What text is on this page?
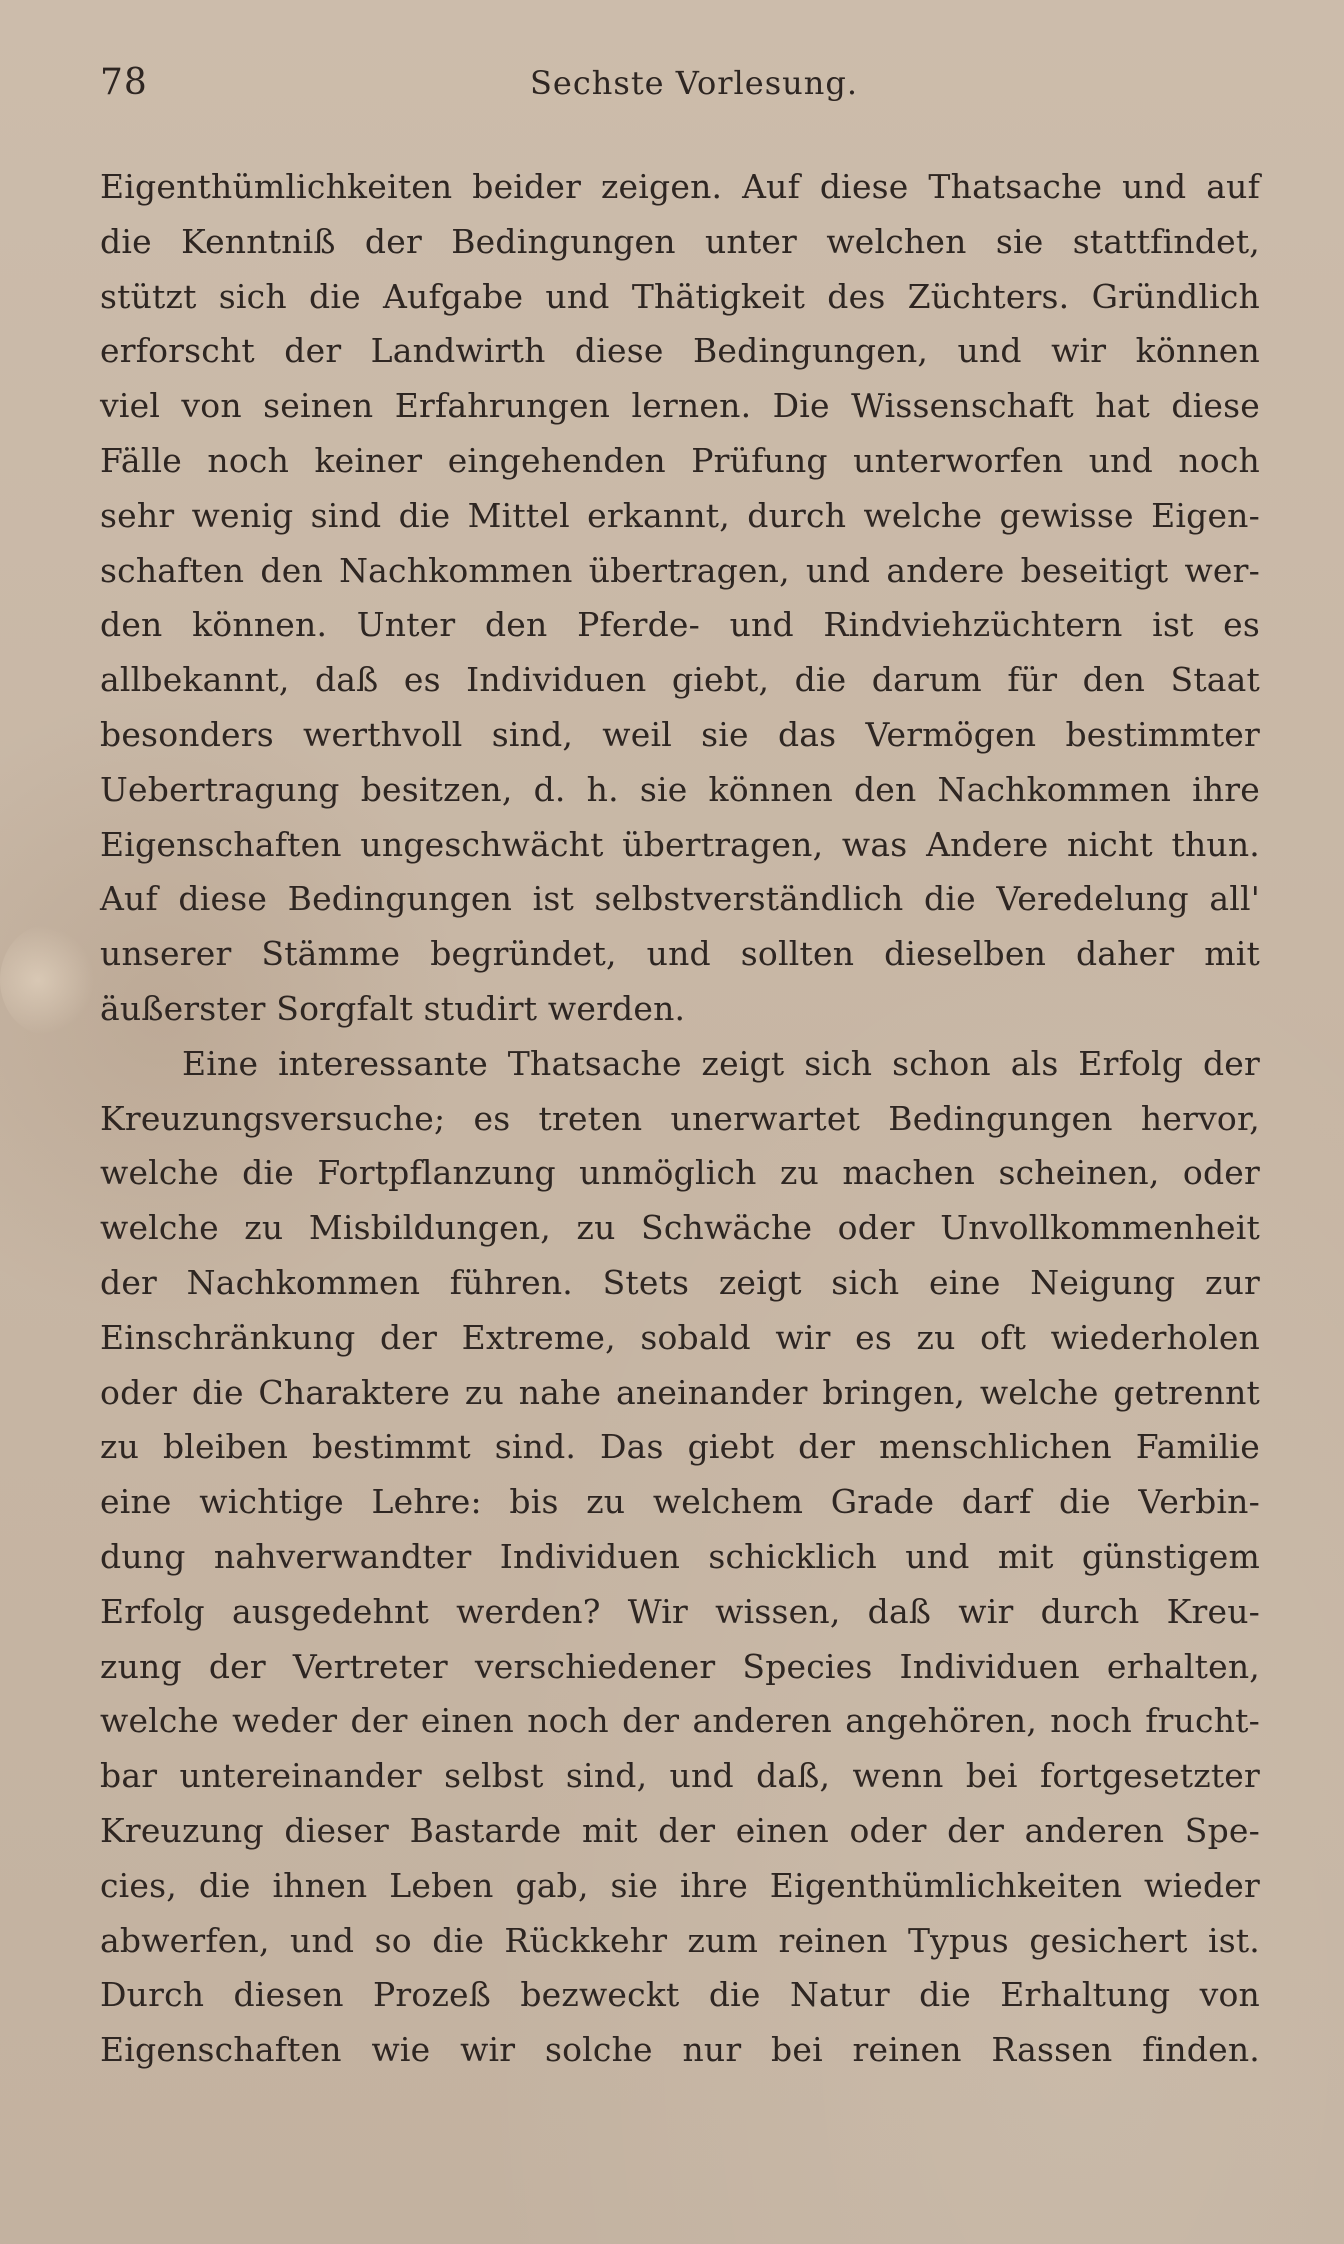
78	Sechste Vorlesung.
Eigenthümlichkeiten beider zeigen. Auf diese Thatsache und auf
die Kenntniß der Bedingungen unter welchen sie stattfindet,
stützt sich die Aufgabe und Thätigkeit des Züchters. Gründlich
erforscht der Landwirth diese Bedingungen, und wir können
viel von seinen Erfahrungen lernen. Die Wissenschaft hat diese
Fälle noch keiner eingehenden Prüfung unterworfen und noch
sehr wenig sind die Mittel erkannt, durch welche gewisse Eigen-
schaften den Nachkommen übertragen, und andere beseitigt wer-
den können. Unter den Pferde- und Rindviehzüchtern ist es
allbekannt, daß es Individuen giebt, die darum für den Staat
besonders werthvoll sind, weil sie das Vermögen bestimmter
Uebertragung besitzen, d. h. sie können den Nachkommen ihre
Eigenschaften ungeschwächt übertragen, was Andere nicht thun.
Auf diese Bedingungen ist selbstverständlich die Veredelung all'
unserer Stämme begründet, und sollten dieselben daher mit
äußerster Sorgfalt studirt werden.
Eine interessante Thatsache zeigt sich schon als Erfolg der
Kreuzungsversuche; es treten unerwartet Bedingungen hervor,
welche die Fortpflanzung unmöglich zu machen scheinen, oder
welche zu Misbildungen, zu Schwäche oder Unvollkommenheit
der Nachkommen führen. Stets zeigt sich eine Neigung zur
Einschränkung der Extreme, sobald wir es zu oft wiederholen
oder die Charaktere zu nahe aneinander bringen, welche getrennt
zu bleiben bestimmt sind. Das giebt der menschlichen Familie
eine wichtige Lehre: bis zu welchem Grade darf die Verbin-
dung nahverwandter Individuen schicklich und mit günstigem
Erfolg ausgedehnt werden? Wir wissen, daß wir durch Kreu-
zung der Vertreter verschiedener Species Individuen erhalten,
welche weder der einen noch der anderen angehören, noch frucht-
bar untereinander selbst sind, und daß, wenn bei fortgesetzter
Kreuzung dieser Bastarde mit der einen oder der anderen Spe-
cies, die ihnen Leben gab, sie ihre Eigenthümlichkeiten wieder
abwerfen, und so die Rückkehr zum reinen Typus gesichert ist.
Durch diesen Prozeß bezweckt die Natur die Erhaltung von
Eigenschaften wie wir solche nur bei reinen Rassen finden.
